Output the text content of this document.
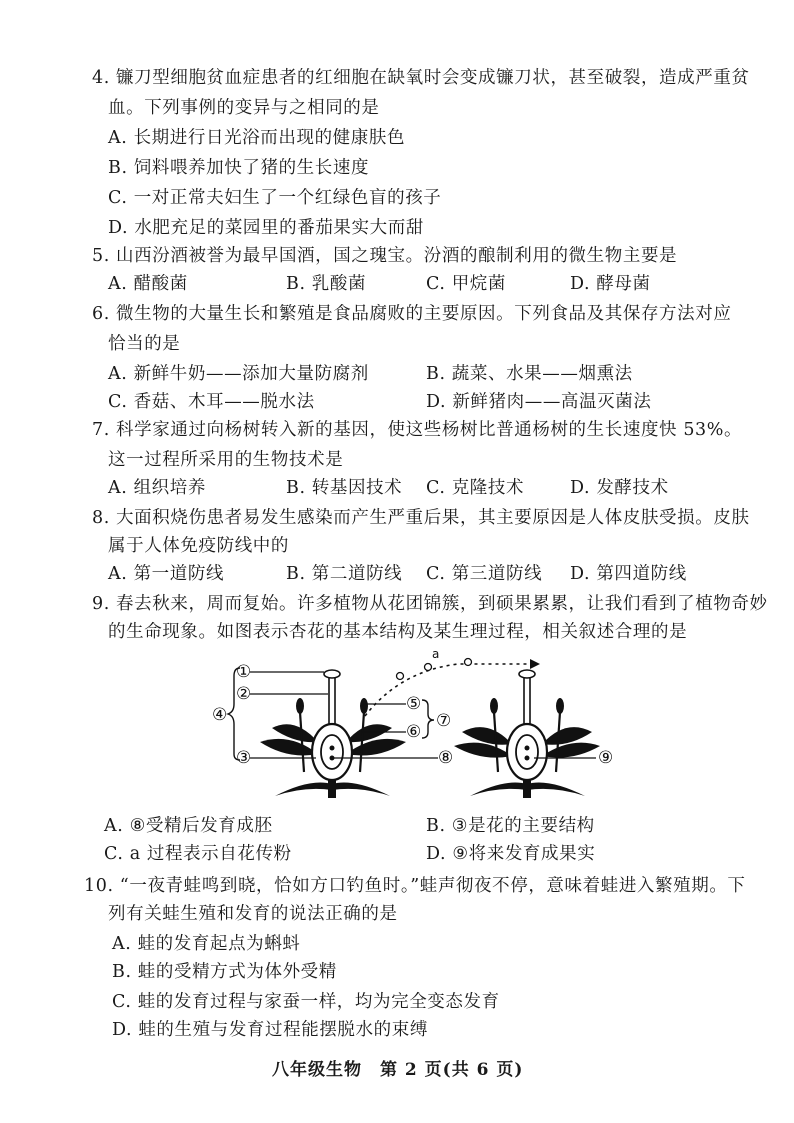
4. 镰刀型细胞贫血症患者的红细胞在缺氧时会变成镰刀状，甚至破裂，造成严重贫
血。下列事例的变异与之相同的是
A. 长期进行日光浴而出现的健康肤色
B. 饲料喂养加快了猪的生长速度
C. 一对正常夫妇生了一个红绿色盲的孩子
D. 水肥充足的菜园里的番茄果实大而甜
5. 山西汾酒被誉为最早国酒，国之瑰宝。汾酒的酿制利用的微生物主要是
A. 醋酸菌	B. 乳酸菌	C. 甲烷菌	D. 酵母菌
6. 微生物的大量生长和繁殖是食品腐败的主要原因。下列食品及其保存方法对应
恰当的是
A. 新鲜牛奶——添加大量防腐剂	B. 蔬菜、水果——烟熏法
C. 香菇、木耳——脱水法	D. 新鲜猪肉——高温灭菌法
7. 科学家通过向杨树转入新的基因，使这些杨树比普通杨树的生长速度快 53%。
这一过程所采用的生物技术是
A. 组织培养	B. 转基因技术 C. 克隆技术	D. 发酵技术
8. 大面积烧伤患者易发生感染而产生严重后果，其主要原因是人体皮肤受损。皮肤
属于人体免疫防线中的
A. 第一道防线	B. 第二道防线 C. 第三道防线 D. 第四道防线
9. 春去秋来，周而复始。许多植物从花团锦簇，到硕果累累，让我们看到了植物奇妙
的生命现象。如图表示杏花的基本结构及某生理过程，相关叙述合理的是
a
①
②
④
③
⑤
⑥
⑦
⑧	⑨
A. ⑧受精后发育成胚	B. ③是花的主要结构
C. a 过程表示自花传粉	D. ⑨将来发育成果实
10. “一夜青蛙鸣到晓，恰如方口钓鱼时。”蛙声彻夜不停，意味着蛙进入繁殖期。下
列有关蛙生殖和发育的说法正确的是
A. 蛙的发育起点为蝌蚪
B. 蛙的受精方式为体外受精
C. 蛙的发育过程与家蚕一样，均为完全变态发育
D. 蛙的生殖与发育过程能摆脱水的束缚
八年级生物　第 2 页(共 6 页)
